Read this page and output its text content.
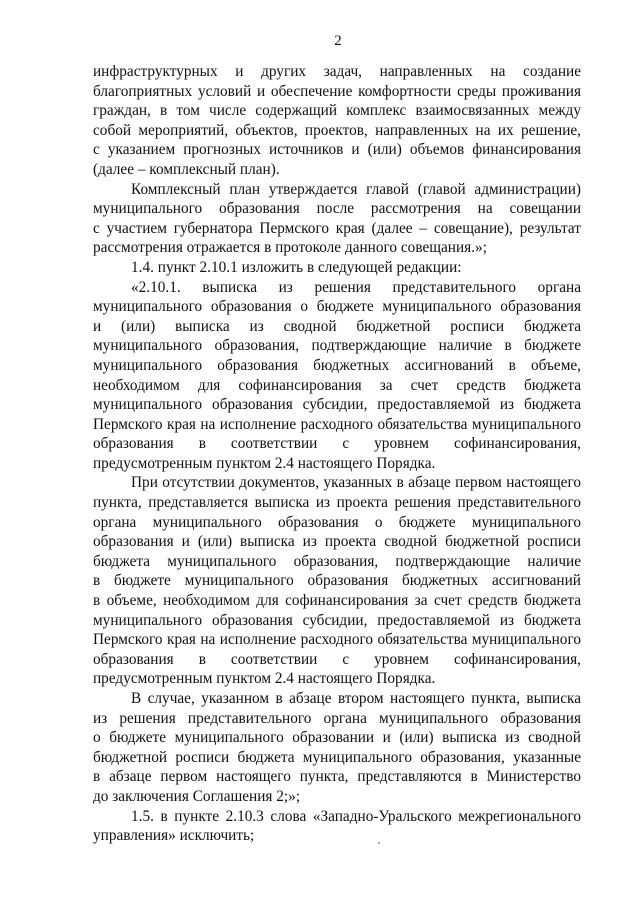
2

инфраструктурных и других задач, направленных на создание
благоприятных условий и обеспечение комфортности среды проживания
граждан, в том числе содержащий комплекс взаимосвязанных между
собой мероприятий, объектов, проектов, направленных на их решение,
с указанием прогнозных источников и (или) объемов финансирования
(далее – комплексный план).

Комплексный план утверждается главой (главой администрации)
муниципального образования после рассмотрения на совещании
с участием губернатора Пермского края (далее – совещание), результат
рассмотрения отражается в протоколе данного совещания.»;

1.4. пункт 2.10.1 изложить в следующей редакции:

«2.10.1. выписка из решения представительного органа
муниципального образования о бюджете муниципального образования
и (или) выписка из сводной бюджетной росписи бюджета
муниципального образования, подтверждающие наличие в бюджете
муниципального образования бюджетных ассигнований в объеме,
необходимом для софинансирования за счет средств бюджета
муниципального образования субсидии, предоставляемой из бюджета
Пермского края на исполнение расходного обязательства муниципального
образования в соответствии с уровнем софинансирования,
предусмотренным пунктом 2.4 настоящего Порядка.

При отсутствии документов, указанных в абзаце первом настоящего
пункта, представляется выписка из проекта решения представительного
органа муниципального образования о бюджете муниципального
образования и (или) выписка из проекта сводной бюджетной росписи
бюджета муниципального образования, подтверждающие наличие
в бюджете муниципального образования бюджетных ассигнований
в объеме, необходимом для софинансирования за счет средств бюджета
муниципального образования субсидии, предоставляемой из бюджета
Пермского края на исполнение расходного обязательства муниципального
образования в соответствии с уровнем софинансирования,
предусмотренным пунктом 2.4 настоящего Порядка.

В случае, указанном в абзаце втором настоящего пункта, выписка
из решения представительного органа муниципального образования
о бюджете муниципального образовании и (или) выписка из сводной
бюджетной росписи бюджета муниципального образования, указанные
в абзаце первом настоящего пункта, представляются в Министерство
до заключения Соглашения 2;»;

1.5. в пункте 2.10.3 слова «Западно-Уральского межрегионального
управления» исключить;
